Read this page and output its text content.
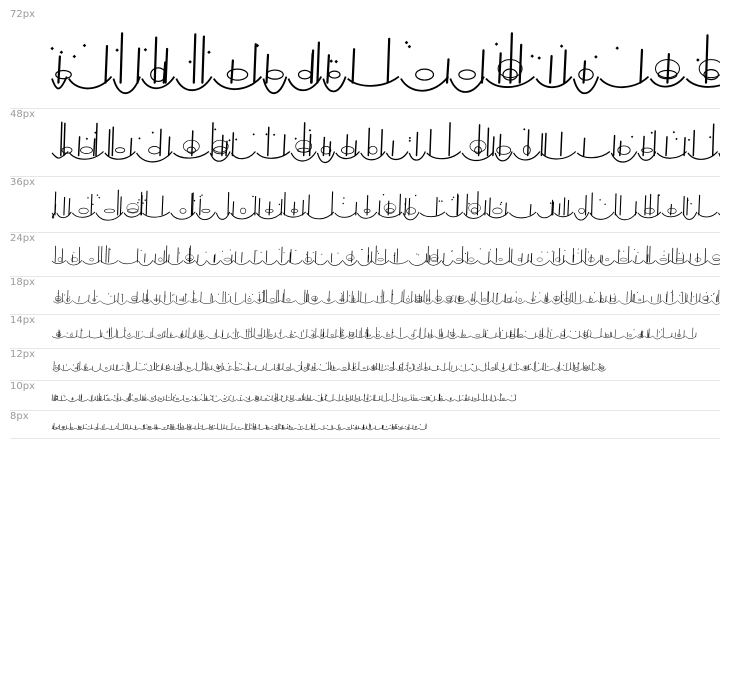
72px
48px
36px
24px
18px
14px
12px
10px
8px
